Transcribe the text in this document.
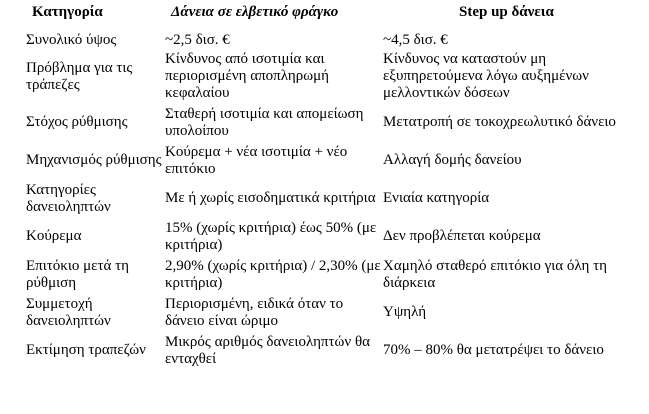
Κατηγορία	Δάνεια σε ελβετικό φράγκο	Step up δάνεια
Συνολικό ύψος	~2,5 δισ. €	~4,5 δισ. €
Πρόβλημα για τις τράπεζες	Κίνδυνος από ισοτιμία και περιορισμένη αποπληρωμή κεφαλαίου	Κίνδυνος να καταστούν μη εξυπηρετούμενα λόγω αυξημένων μελλοντικών δόσεων
Στόχος ρύθμισης	Σταθερή ισοτιμία και απομείωση υπολοίπου	Μετατροπή σε τοκοχρεωλυτικό δάνειο
Μηχανισμός ρύθμισης	Κούρεμα + νέα ισοτιμία + νέο επιτόκιο	Αλλαγή δομής δανείου
Κατηγορίες δανειοληπτών	Με ή χωρίς εισοδηματικά κριτήρια	Ενιαία κατηγορία
Κούρεμα	15% (χωρίς κριτήρια) έως 50% (με κριτήρια)	Δεν προβλέπεται κούρεμα
Επιτόκιο μετά τη ρύθμιση	2,90% (χωρίς κριτήρια) / 2,30% (με κριτήρια)	Χαμηλό σταθερό επιτόκιο για όλη τη διάρκεια
Συμμετοχή δανειοληπτών	Περιορισμένη, ειδικά όταν το δάνειο είναι ώριμο	Υψηλή
Εκτίμηση τραπεζών	Μικρός αριθμός δανειοληπτών θα ενταχθεί	70% – 80% θα μετατρέψει το δάνειο
